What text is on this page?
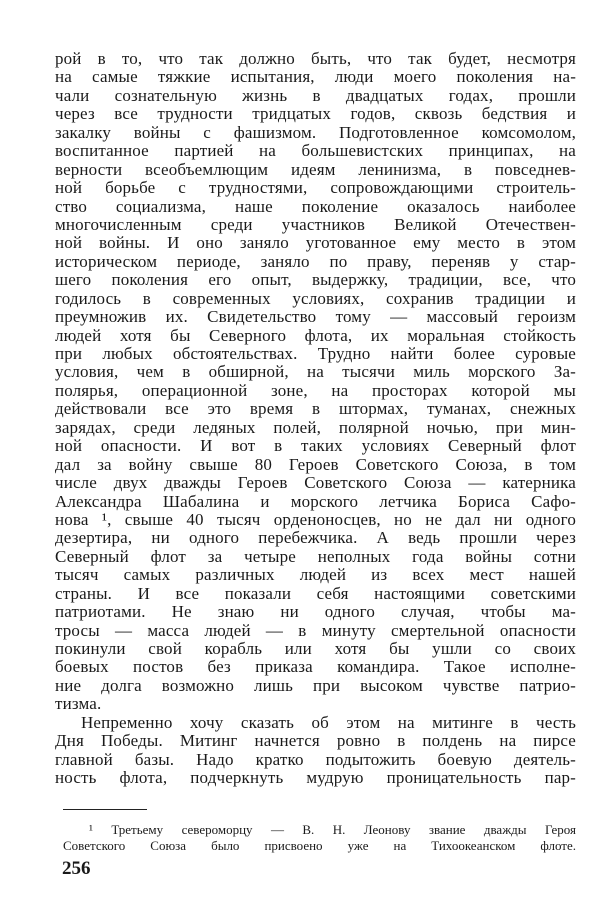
рой в то, что так должно быть, что так будет, несмотря
на самые тяжкие испытания, люди моего поколения на-
чали сознательную жизнь в двадцатых годах, прошли
через все трудности тридцатых годов, сквозь бедствия и
закалку войны с фашизмом. Подготовленное комсомолом,
воспитанное партией на большевистских принципах, на
верности всеобъемлющим идеям ленинизма, в повседнев-
ной борьбе с трудностями, сопровождающими строитель-
ство социализма, наше поколение оказалось наиболее
многочисленным среди участников Великой Отечествен-
ной войны. И оно заняло уготованное ему место в этом
историческом периоде, заняло по праву, переняв у стар-
шего поколения его опыт, выдержку, традиции, все, что
годилось в современных условиях, сохранив традиции и
преумножив их. Свидетельство тому — массовый героизм
людей хотя бы Северного флота, их моральная стойкость
при любых обстоятельствах. Трудно найти более суровые
условия, чем в обширной, на тысячи миль морского За-
полярья, операционной зоне, на просторах которой мы
действовали все это время в штормах, туманах, снежных
зарядах, среди ледяных полей, полярной ночью, при мин-
ной опасности. И вот в таких условиях Северный флот
дал за войну свыше 80 Героев Советского Союза, в том
числе двух дважды Героев Советского Союза — катерника
Александра Шабалина и морского летчика Бориса Сафо-
нова ¹, свыше 40 тысяч орденоносцев, но не дал ни одного
дезертира, ни одного перебежчика. А ведь прошли через
Северный флот за четыре неполных года войны сотни
тысяч самых различных людей из всех мест нашей
страны. И все показали себя настоящими советскими
патриотами. Не знаю ни одного случая, чтобы ма-
тросы — масса людей — в минуту смертельной опасности
покинули свой корабль или хотя бы ушли со своих
боевых постов без приказа командира. Такое исполне-
ние долга возможно лишь при высоком чувстве патрио-
тизма.
Непременно хочу сказать об этом на митинге в честь
Дня Победы. Митинг начнется ровно в полдень на пирсе
главной базы. Надо кратко подытожить боевую деятель-
ность флота, подчеркнуть мудрую проницательность пар-
¹ Третьему североморцу — В. Н. Леонову звание дважды Героя
Советского Союза было присвоено уже на Тихоокеанском флоте.
256
